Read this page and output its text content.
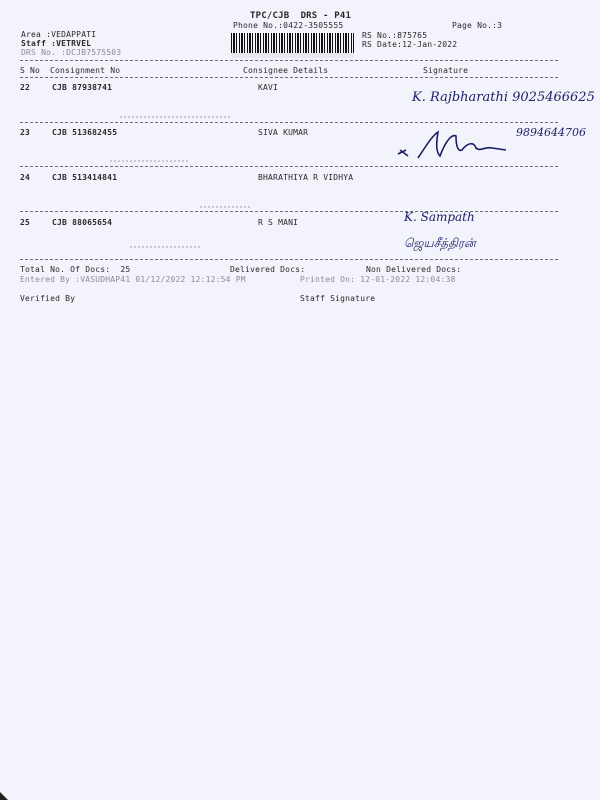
TPC/CJB  DRS - P41
Phone No.:0422-3505555	Page No.:3
Area :VEDAPPATI
Staff :VETRVEL
DRS No. :DCJB7575503
RS No.:875765
RS Date:12-Jan-2022
S No Consignment No	Consignee Details	Signature
22	CJB 87938741	KAVI
K. Rajbharathi 9025466625
23	CJB 513682455	SIVA KUMAR	9894644706
24	CJB 513414841	BHARATHIYA R VIDHYA
25	CJB 88065654	R S MANI	K. Sampath ஜெயசீத்திரன்
Total No. Of Docs:  25	Delivered Docs:	Non Delivered Docs:
Entered By :VASUDHAP41 01/12/2022 12:12:54 PM	Printed On: 12-01-2022 12:04:38
Verified By	Staff Signature
